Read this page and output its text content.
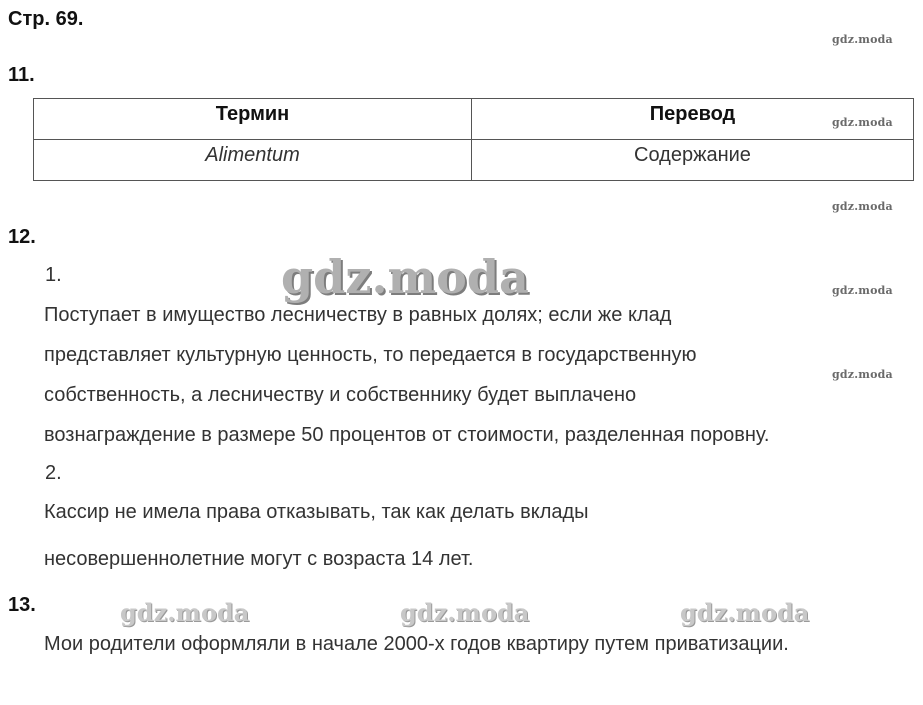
Стр. 69.
gdz.moda
gdz.moda
gdz.moda
gdz.moda
gdz.moda
11.
Термин	Перевод
Alimentum	Содержание
12.
gdz.moda
1.
Поступает в имущество лесничеству в равных долях; если же клад
представляет культурную ценность, то передается в государственную
собственность, а лесничеству и собственнику будет выплачено
вознаграждение в размере 50 процентов от стоимости, разделенная поровну.
2.
Кассир не имела права отказывать, так как делать вклады
несовершеннолетние могут с возраста 14 лет.
13.	gdz.moda	gdz.moda	gdz.moda
Мои родители оформляли в начале 2000-х годов квартиру путем приватизации.
